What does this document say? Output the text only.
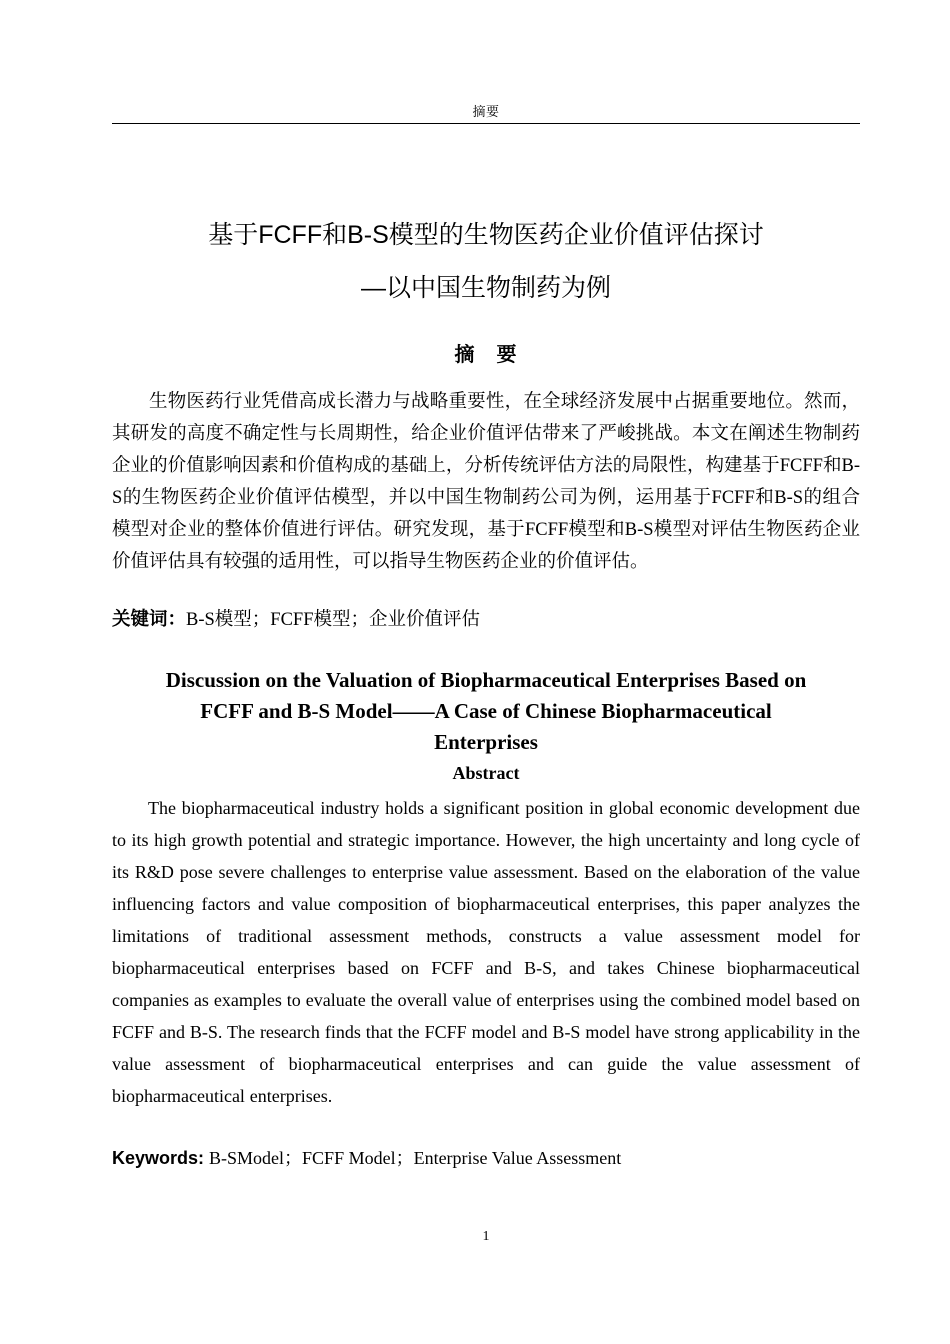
摘要
基于FCFF和B-S模型的生物医药企业价值评估探讨
—以中国生物制药为例
摘　要

生物医药行业凭借高成长潜力与战略重要性，在全球经济发展中占据重要地位。然而，其研发的高度不确定性与长周期性，给企业价值评估带来了严峻挑战。本文在阐述生物制药企业的价值影响因素和价值构成的基础上，分析传统评估方法的局限性，构建基于FCFF和B-S的生物医药企业价值评估模型，并以中国生物制药公司为例，运用基于FCFF和B-S的组合模型对企业的整体价值进行评估。研究发现，基于FCFF模型和B-S模型对评估生物医药企业价值评估具有较强的适用性，可以指导生物医药企业的价值评估。

关键词：B-S模型；FCFF模型；企业价值评估
Discussion on the Valuation of Biopharmaceutical Enterprises Based on
FCFF and B-S Model——A Case of Chinese Biopharmaceutical
Enterprises
Abstract

The biopharmaceutical industry holds a significant position in global economic development due to its high growth potential and strategic importance. However, the high uncertainty and long cycle of its R&D pose severe challenges to enterprise value assessment. Based on the elaboration of the value influencing factors and value composition of biopharmaceutical enterprises, this paper analyzes the limitations of traditional assessment methods, constructs a value assessment model for biopharmaceutical enterprises based on FCFF and B-S, and takes Chinese biopharmaceutical companies as examples to evaluate the overall value of enterprises using the combined model based on FCFF and B-S. The research finds that the FCFF model and B-S model have strong applicability in the value assessment of biopharmaceutical enterprises and can guide the value assessment of biopharmaceutical enterprises.

Keywords: B-SModel；FCFF Model；Enterprise Value Assessment
1
